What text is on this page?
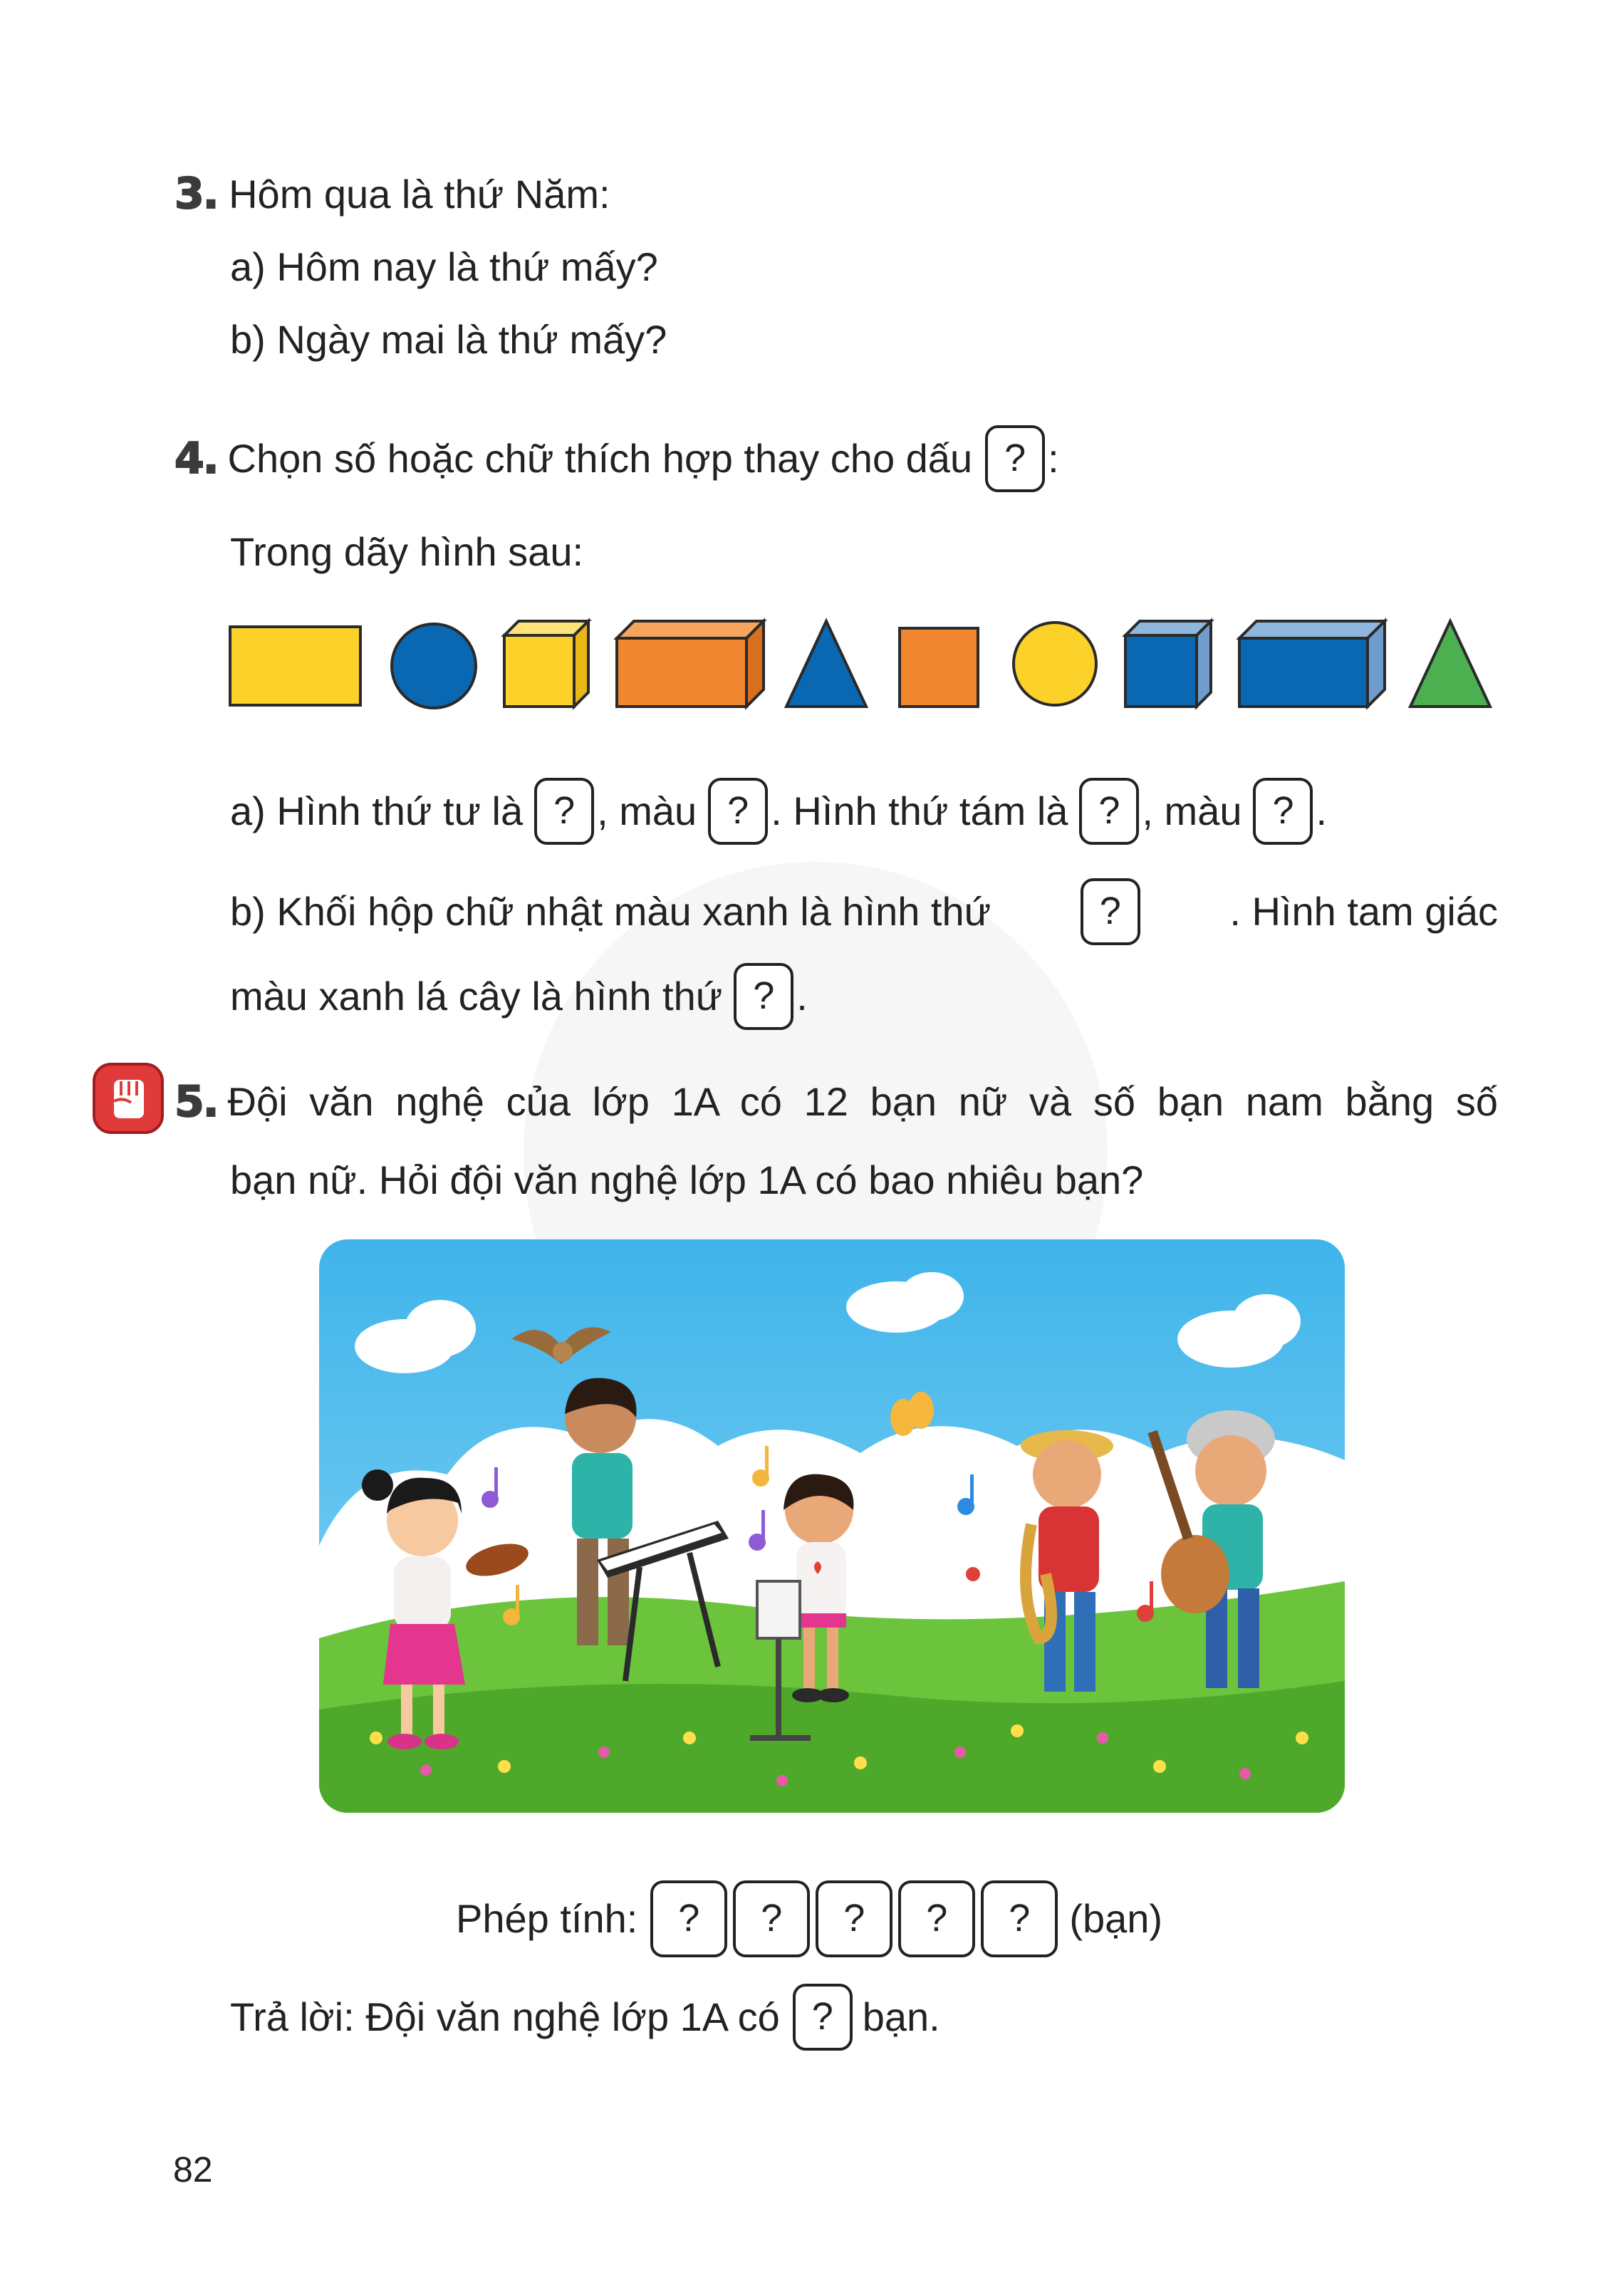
3. Hôm qua là thứ Năm:
a) Hôm nay là thứ mấy?
b) Ngày mai là thứ mấy?
4. Chọn số hoặc chữ thích hợp thay cho dấu ? :
Trong dãy hình sau:
a) Hình thứ tư là ? , màu ? . Hình thứ tám là ? , màu ? .
b) Khối hộp chữ nhật màu xanh là hình thứ	?	. Hình tam giác
màu xanh lá cây là hình thứ ? .
5. Đội văn nghệ của lớp 1A có 12 bạn nữ và số bạn nam bằng số
bạn nữ. Hỏi đội văn nghệ lớp 1A có bao nhiêu bạn?
Phép tính:	?	?	?	?	? (bạn)
Trả lời: Đội văn nghệ lớp 1A có ? bạn.
82
